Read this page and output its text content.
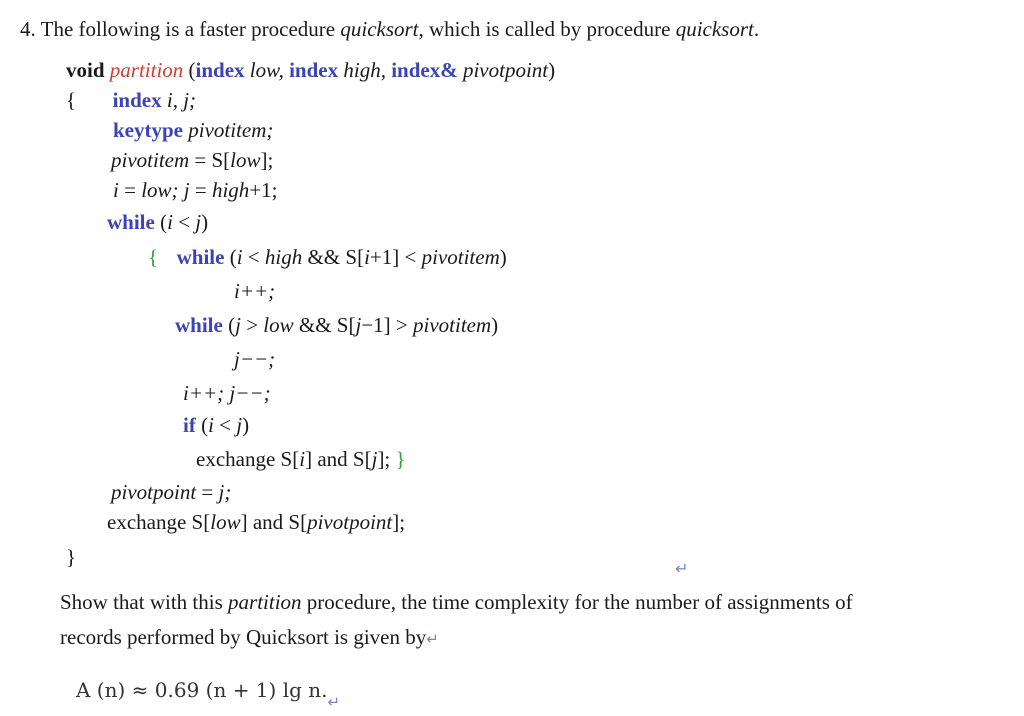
4. The following is a faster procedure quicksort, which is called by procedure quicksort.
void partition (index low, index high, index& pivotpoint)
{ index i, j;
keytype pivotitem;
pivotitem = S[low];
i = low; j = high+1;
while (i < j)
{ while (i < high && S[i+1] < pivotitem)
i++;
while (j > low && S[j−1] > pivotitem)
j−−;
i++; j−−;
if (i < j)
exchange S[i] and S[j]; }
pivotpoint = j;
exchange S[low] and S[pivotpoint];
}	↵
Show that with this partition procedure, the time complexity for the number of assignments of
records performed by Quicksort is given by↵
A (n) ≈ 0.69 (n + 1) $\lg n._↵$
